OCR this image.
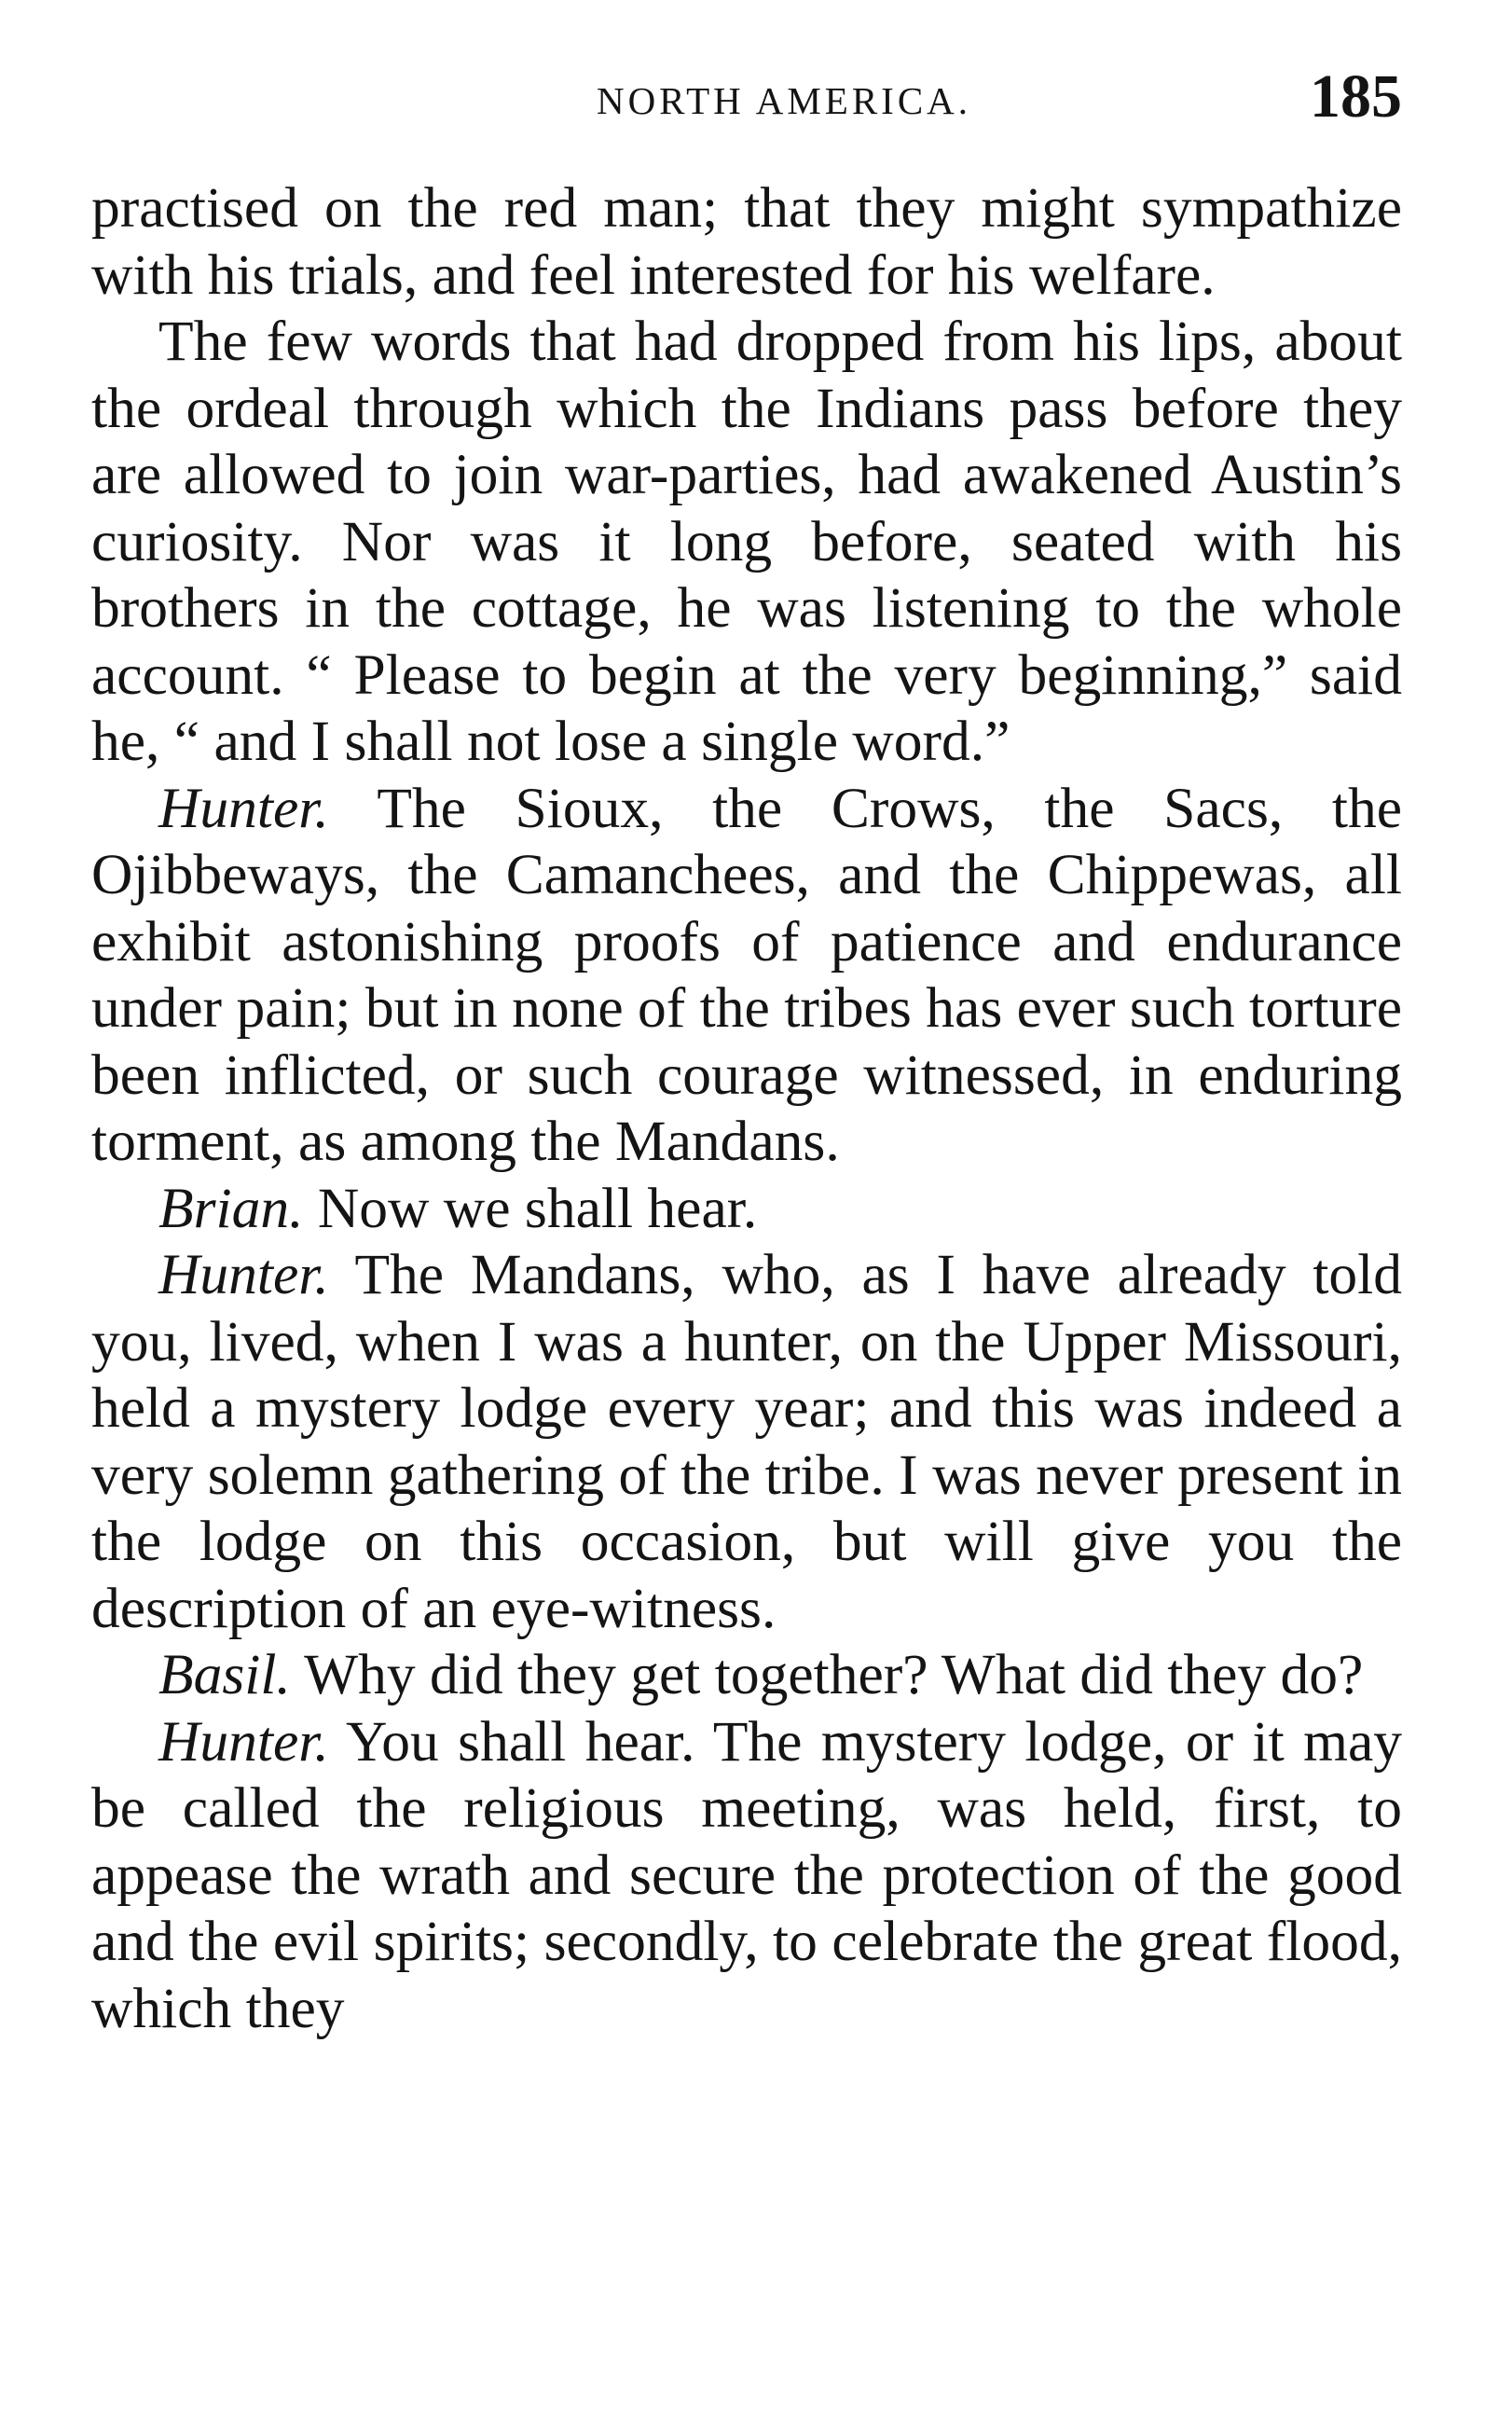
NORTH AMERICA.	185

practised on the red man; that they might sympathize with his trials, and feel interested for his welfare.

The few words that had dropped from his lips, about the ordeal through which the Indians pass before they are allowed to join war-parties, had awakened Austin’s curiosity. Nor was it long before, seated with his brothers in the cottage, he was listening to the whole account. “ Please to begin at the very beginning,” said he, “ and I shall not lose a single word.”

Hunter. The Sioux, the Crows, the Sacs, the Ojibbeways, the Camanchees, and the Chippewas, all exhibit astonishing proofs of patience and endurance under pain; but in none of the tribes has ever such torture been inflicted, or such courage witnessed, in enduring torment, as among the Mandans.

Brian. Now we shall hear.

Hunter. The Mandans, who, as I have already told you, lived, when I was a hunter, on the Upper Missouri, held a mystery lodge every year; and this was indeed a very solemn gathering of the tribe. I was never present in the lodge on this occasion, but will give you the description of an eye-witness.

Basil. Why did they get together? What did they do?

Hunter. You shall hear. The mystery lodge, or it may be called the religious meeting, was held, first, to appease the wrath and secure the protection of the good and the evil spirits; secondly, to celebrate the great flood, which they
